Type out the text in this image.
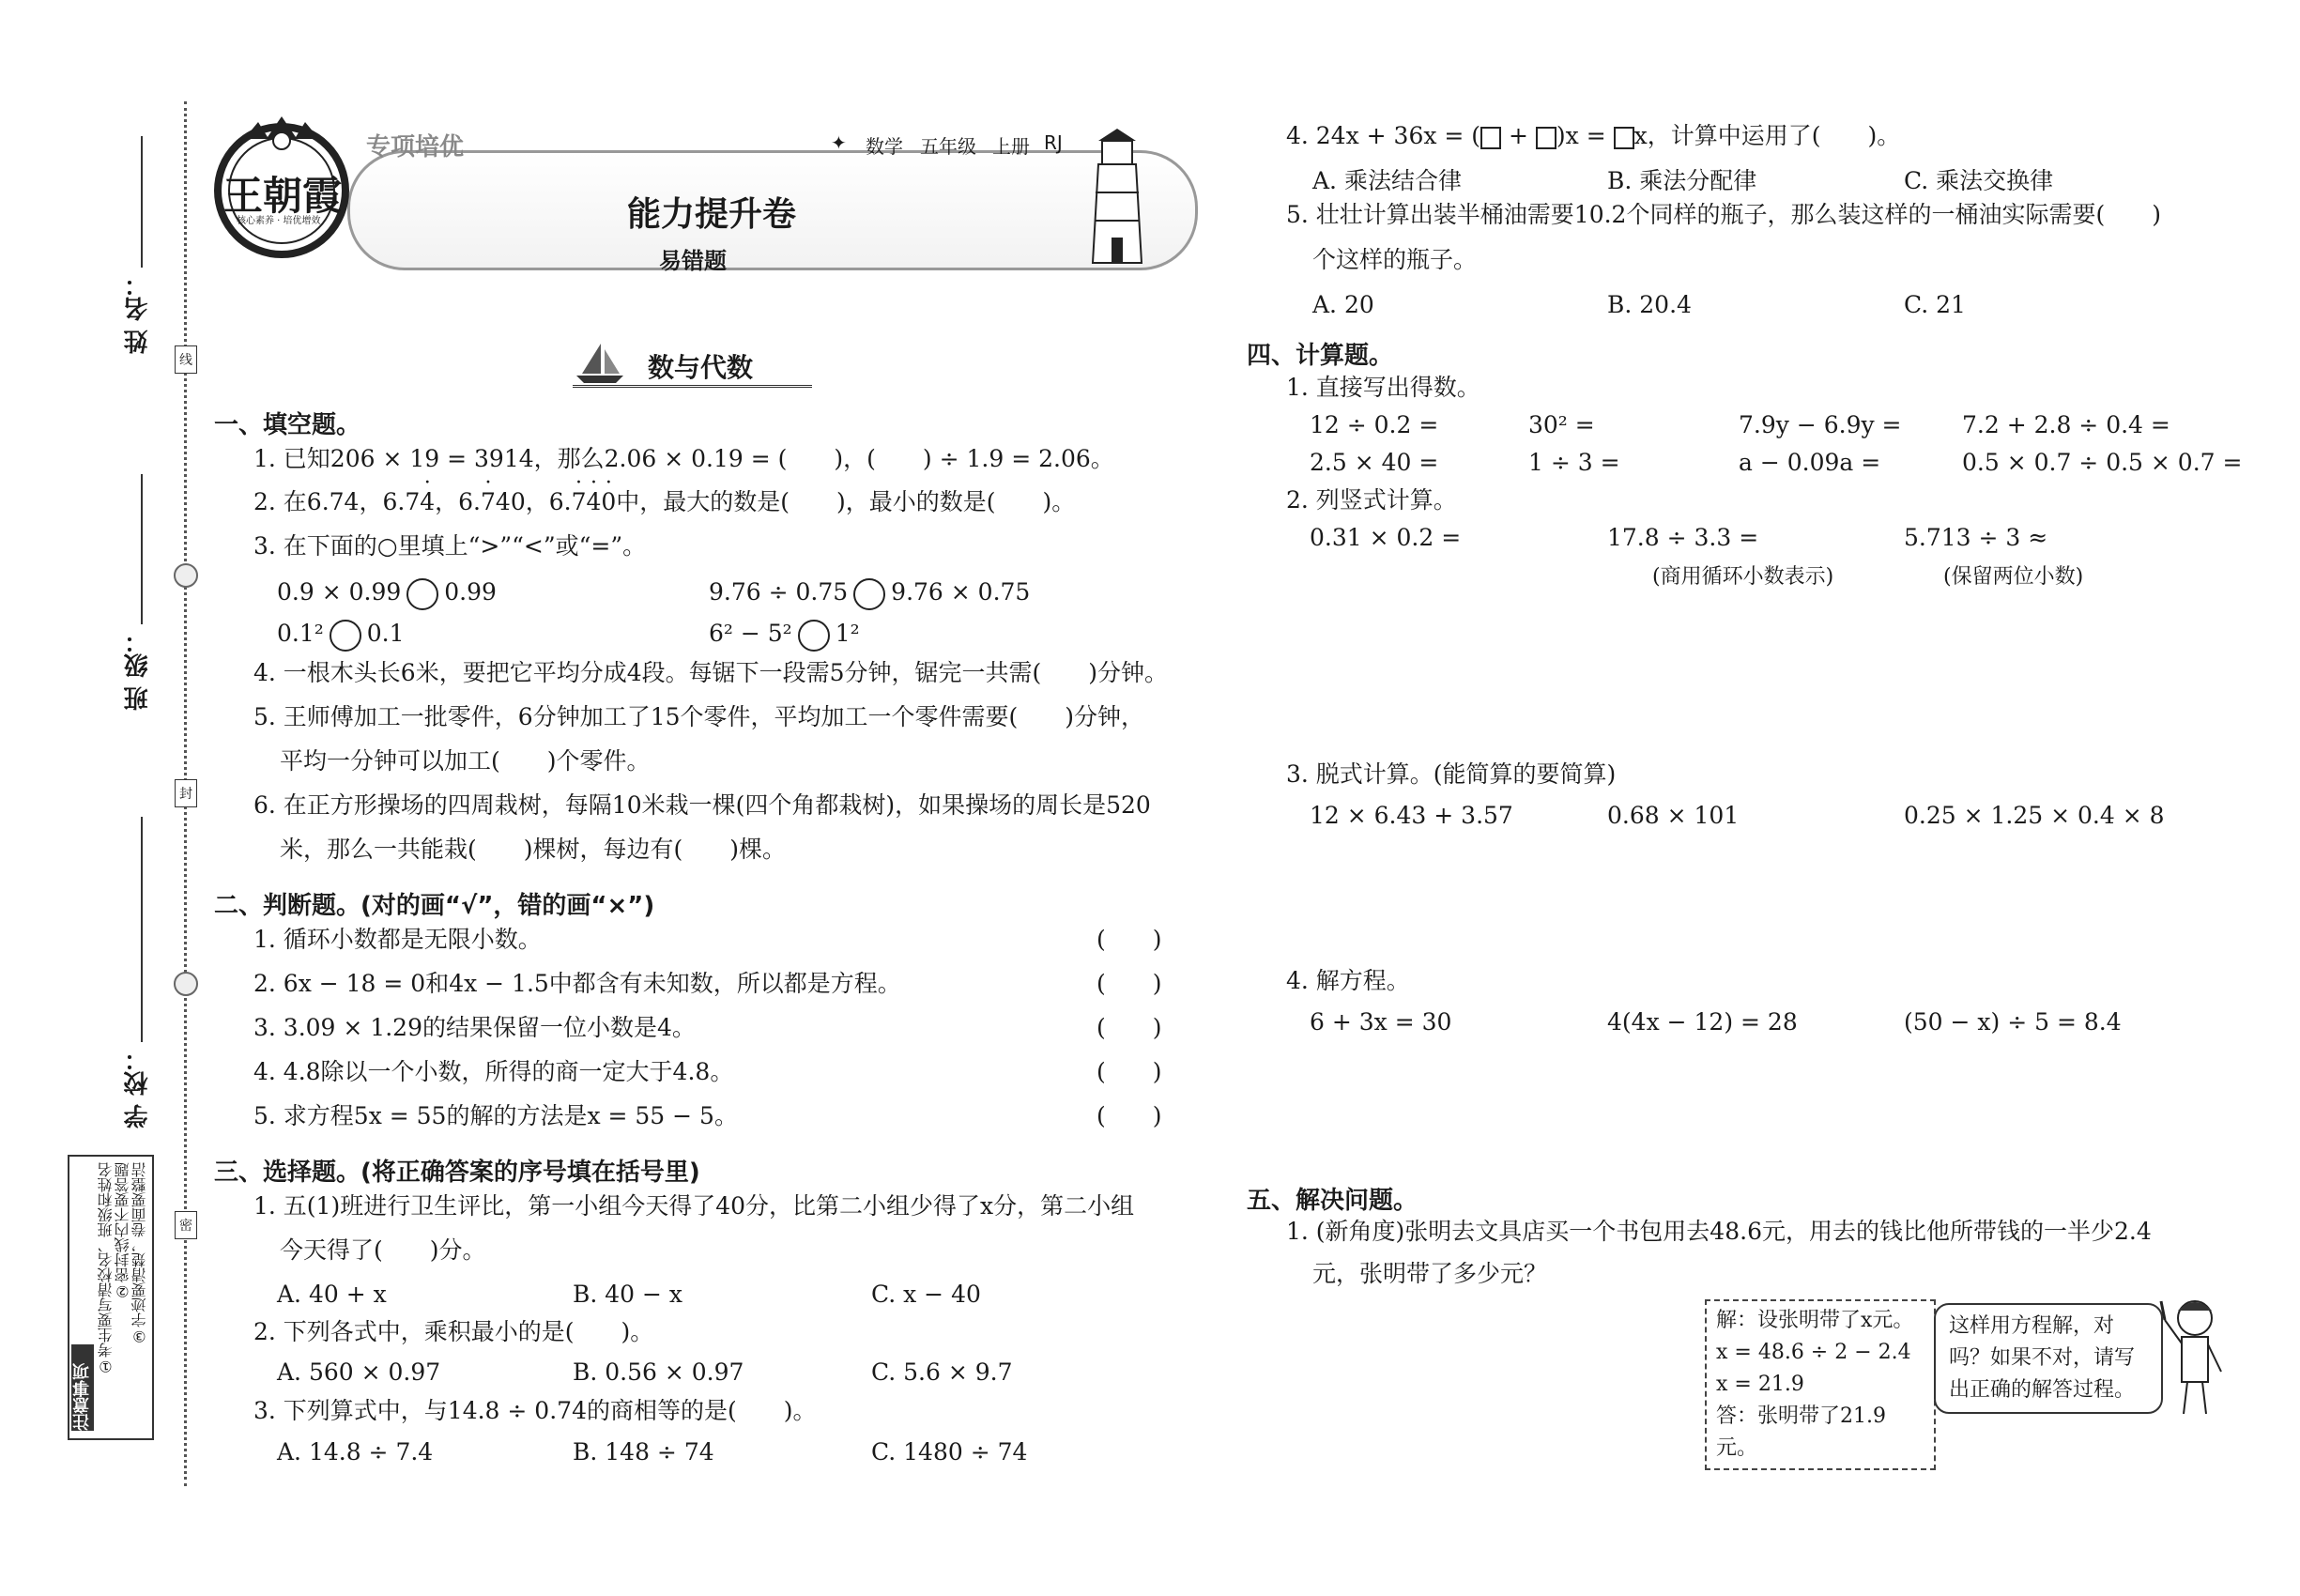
线
封
密
姓 名：
班 级：
学 校：
注意事项
①考生要写清校名、班级和姓名 ②密封线内不要答题 ③字迹要清楚，卷面要整洁
王朝霞
核心素养 · 培优增效
专项培优	✦ 数学 五年级 上册 RJ
能力提升卷
易错题
数与代数
一、填空题。
1. 已知206 × 19 = 3914，那么2.06 × 0.19 = (　　)，(　　) ÷ 1.9 = 2.06。
2. 在6.74，6.7· 4，6.· 740，6.· 7· 4· 0中，最大的数是(　　)，最小的数是(　　)。
3. 在下面的○里填上“>”“<”或“=”。
0.9 × 0.99 0.99	9.76 ÷ 0.75 9.76 × 0.75
0.1² 0.1	6² − 5² 1²
4. 一根木头长6米，要把它平均分成4段。每锯下一段需5分钟，锯完一共需(　　)分钟。
5. 王师傅加工一批零件，6分钟加工了15个零件，平均加工一个零件需要(　　)分钟，
平均一分钟可以加工(　　)个零件。
6. 在正方形操场的四周栽树，每隔10米栽一棵(四个角都栽树)，如果操场的周长是520
米，那么一共能栽(　　)棵树，每边有(　　)棵。
二、判断题。(对的画“√”，错的画“×”)
1. 循环小数都是无限小数。	(　　)
2. 6x − 18 = 0和4x − 1.5中都含有未知数，所以都是方程。	(　　)
3. 3.09 × 1.29的结果保留一位小数是4。	(　　)
4. 4.8除以一个小数，所得的商一定大于4.8。	(　　)
5. 求方程5x = 55的解的方法是x = 55 − 5。	(　　)
三、选择题。(将正确答案的序号填在括号里)
1. 五(1)班进行卫生评比，第一小组今天得了40分，比第二小组少得了x分，第二小组
今天得了(　　)分。
A. 40 + x	B. 40 − x	C. x − 40
2. 下列各式中，乘积最小的是(　　)。
A. 560 × 0.97	B. 0.56 × 0.97	C. 5.6 × 9.7
3. 下列算式中，与14.8 ÷ 0.74的商相等的是(　　)。
A. 14.8 ÷ 7.4	B. 148 ÷ 74	C. 1480 ÷ 74
4. 24x + 36x = ( + )x = x，计算中运用了(　　)。
A. 乘法结合律	B. 乘法分配律	C. 乘法交换律
5. 壮壮计算出装半桶油需要10.2个同样的瓶子，那么装这样的一桶油实际需要(　　)
个这样的瓶子。
A. 20	B. 20.4	C. 21
四、计算题。
1. 直接写出得数。
12 ÷ 0.2 =	30² =	7.9y − 6.9y =	7.2 + 2.8 ÷ 0.4 =
2.5 × 40 =	1 ÷ 3 =	a − 0.09a =	0.5 × 0.7 ÷ 0.5 × 0.7 =
2. 列竖式计算。
0.31 × 0.2 =	17.8 ÷ 3.3 =	5.713 ÷ 3 ≈
(商用循环小数表示)	(保留两位小数)
3. 脱式计算。(能简算的要简算)
12 × 6.43 + 3.57	0.68 × 101	0.25 × 1.25 × 0.4 × 8
4. 解方程。
6 + 3x = 30	4(4x − 12) = 28	(50 − x) ÷ 5 = 8.4
五、解决问题。
1. (新角度)张明去文具店买一个书包用去48.6元，用去的钱比他所带钱的一半少2.4
元，张明带了多少元？
解：设张明带了x元。
x = 48.6 ÷ 2 − 2.4
x = 21.9
答：张明带了21.9元。
这样用方程解，对
吗？如果不对，请写
出正确的解答过程。
